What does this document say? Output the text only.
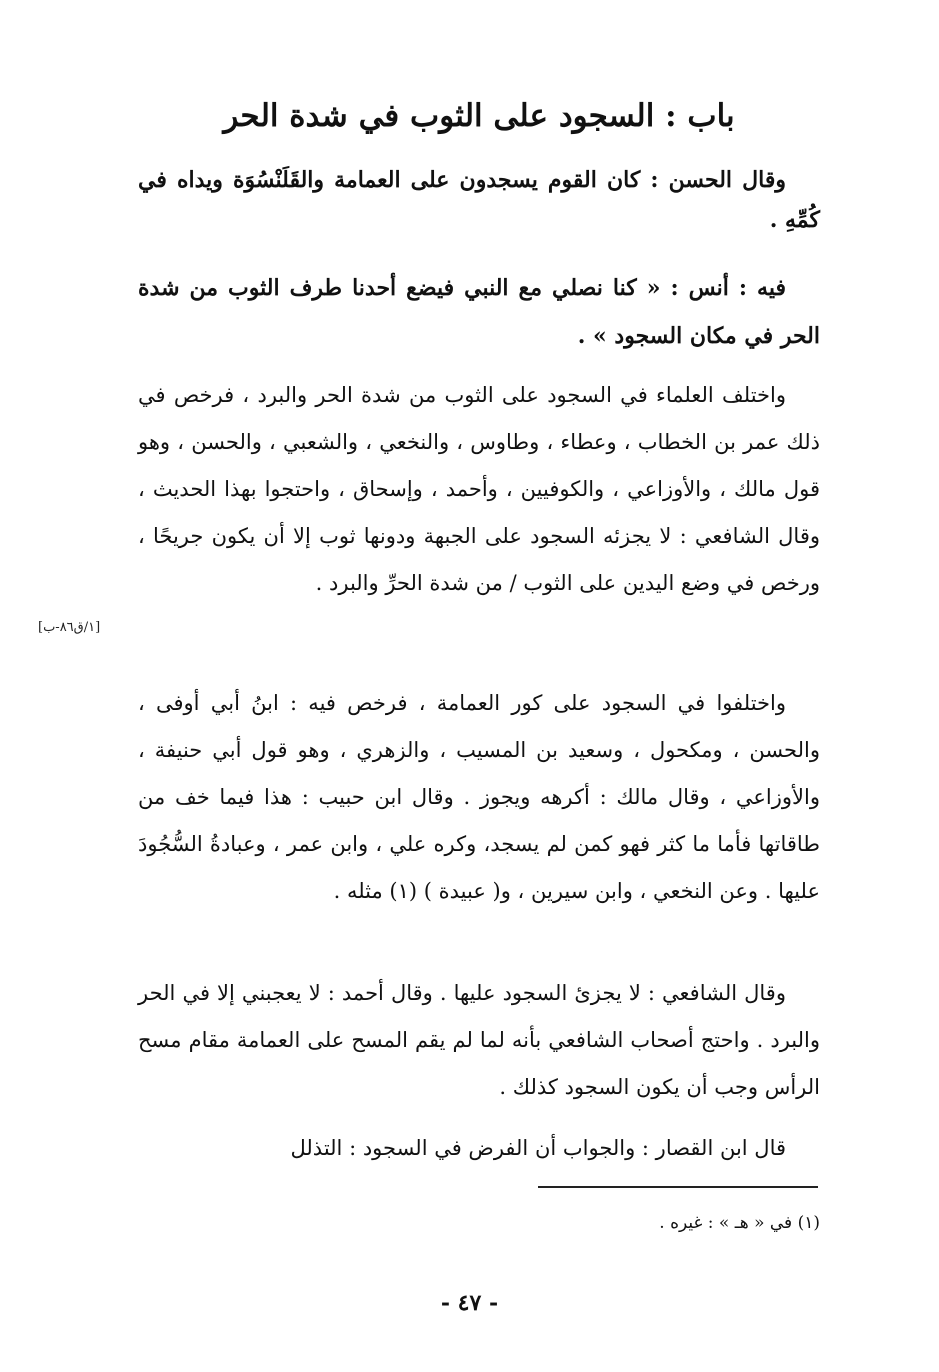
باب : السجود على الثوب في شدة الحر
وقال الحسن : كان القوم يسجدون على العمامة والقَلَنْسُوَة ويداه في كُمِّهِ .
فيه : أنس : « كنا نصلي مع النبي فيضع أحدنا طرف الثوب من شدة الحر في مكان السجود » .
واختلف العلماء في السجود على الثوب من شدة الحر والبرد ، فرخص في ذلك عمر بن الخطاب ، وعطاء ، وطاوس ، والنخعي ، والشعبي ، والحسن ، وهو قول مالك ، والأوزاعي ، والكوفيين ، وأحمد ، وإسحاق ، واحتجوا بهذا الحديث ، وقال الشافعي : لا يجزئه السجود على الجبهة ودونها ثوب إلا أن يكون جريحًا ، ورخص في وضع اليدين على الثوب / من شدة الحرِّ والبرد .
[١/ق٨٦-ب]
واختلفوا في السجود على كور العمامة ، فرخص فيه : ابنُ أبي أوفى ، والحسن ، ومكحول ، وسعيد بن المسيب ، والزهري ، وهو قول أبي حنيفة ، والأوزاعي ، وقال مالك : أكرهه ويجوز . وقال ابن حبيب : هذا فيما خف من طاقاتها فأما ما كثر فهو كمن لم يسجد، وكره علي ، وابن عمر ، وعبادةُ السُّجُودَ عليها . وعن النخعي ، وابن سيرين ، و( عبيدة ) (١) مثله .
وقال الشافعي : لا يجزئ السجود عليها . وقال أحمد : لا يعجبني إلا في الحر والبرد . واحتج أصحاب الشافعي بأنه لما لم يقم المسح على العمامة مقام مسح الرأس وجب أن يكون السجود كذلك .
قال ابن القصار : والجواب أن الفرض في السجود : التذلل
(١) في « هـ » : غيره .
- ٤٧ -
